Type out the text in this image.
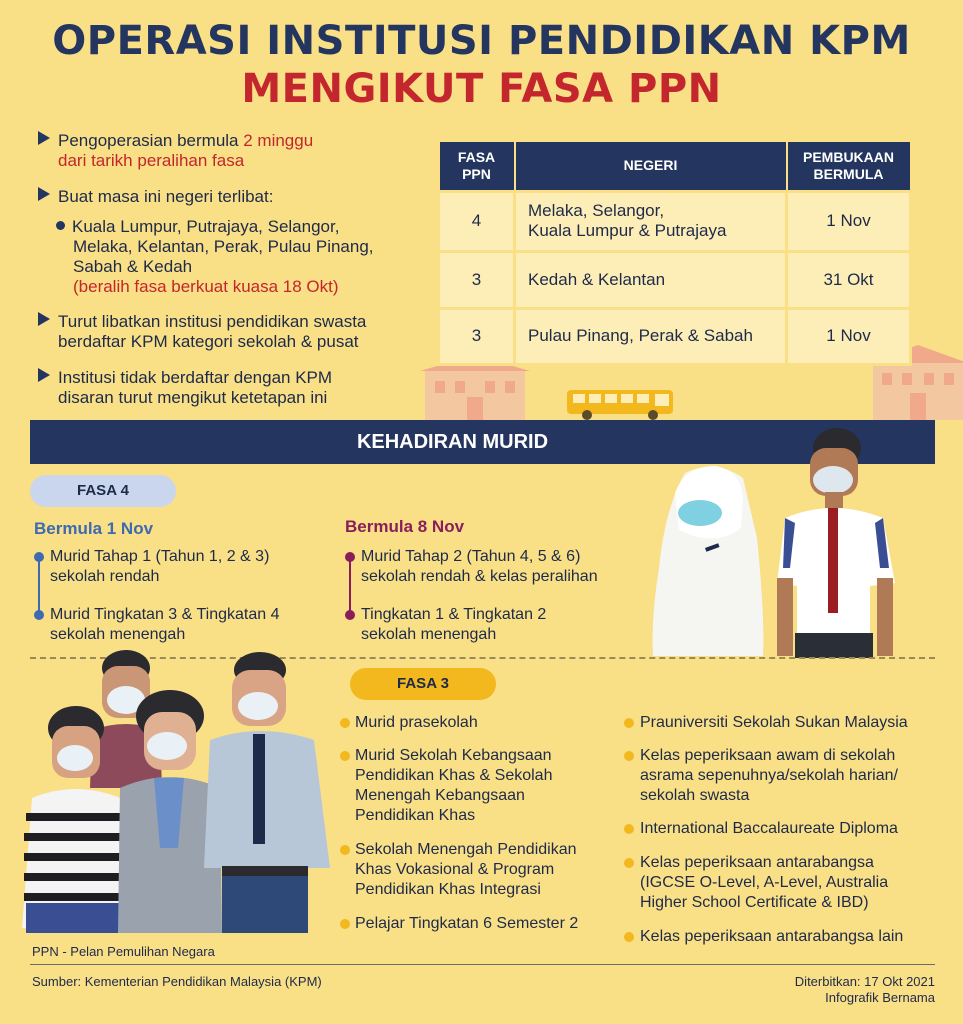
OPERASI INSTITUSI PENDIDIKAN KPM
MENGIKUT FASA PPN
Pengoperasian bermula 2 minggu
dari tarikh peralihan fasa
Buat masa ini negeri terlibat:
Kuala Lumpur, Putrajaya, Selangor,
Melaka, Kelantan, Perak, Pulau Pinang,
Sabah & Kedah
(beralih fasa berkuat kuasa 18 Okt)
Turut libatkan institusi pendidikan swasta
berdaftar KPM kategori sekolah & pusat
Institusi tidak berdaftar dengan KPM
disaran turut mengikut ketetapan ini
FASA
PPN	NEGERI	PEMBUKAAN
BERMULA
4	Melaka, Selangor,
Kuala Lumpur & Putrajaya	1 Nov
3	Kedah & Kelantan	31 Okt
3	Pulau Pinang, Perak & Sabah	1 Nov
KEHADIRAN MURID
FASA 4
Bermula 1 Nov
Murid Tahap 1 (Tahun 1, 2 & 3)
sekolah rendah
Murid Tingkatan 3 & Tingkatan 4
sekolah menengah
Bermula 8 Nov
Murid Tahap 2 (Tahun 4, 5 & 6)
sekolah rendah & kelas peralihan
Tingkatan 1 & Tingkatan 2
sekolah menengah
FASA 3
Murid prasekolah
Murid Sekolah Kebangsaan
Pendidikan Khas & Sekolah
Menengah Kebangsaan
Pendidikan Khas
Sekolah Menengah Pendidikan
Khas Vokasional & Program
Pendidikan Khas Integrasi
Pelajar Tingkatan 6 Semester 2
Prauniversiti Sekolah Sukan Malaysia
Kelas peperiksaan awam di sekolah
asrama sepenuhnya/sekolah harian/
sekolah swasta
International Baccalaureate Diploma
Kelas peperiksaan antarabangsa
(IGCSE O-Level, A-Level, Australia
Higher School Certificate & IBD)
Kelas peperiksaan antarabangsa lain
PPN - Pelan Pemulihan Negara
Sumber: Kementerian Pendidikan Malaysia (KPM)	Diterbitkan: 17 Okt 2021
Infografik Bernama
